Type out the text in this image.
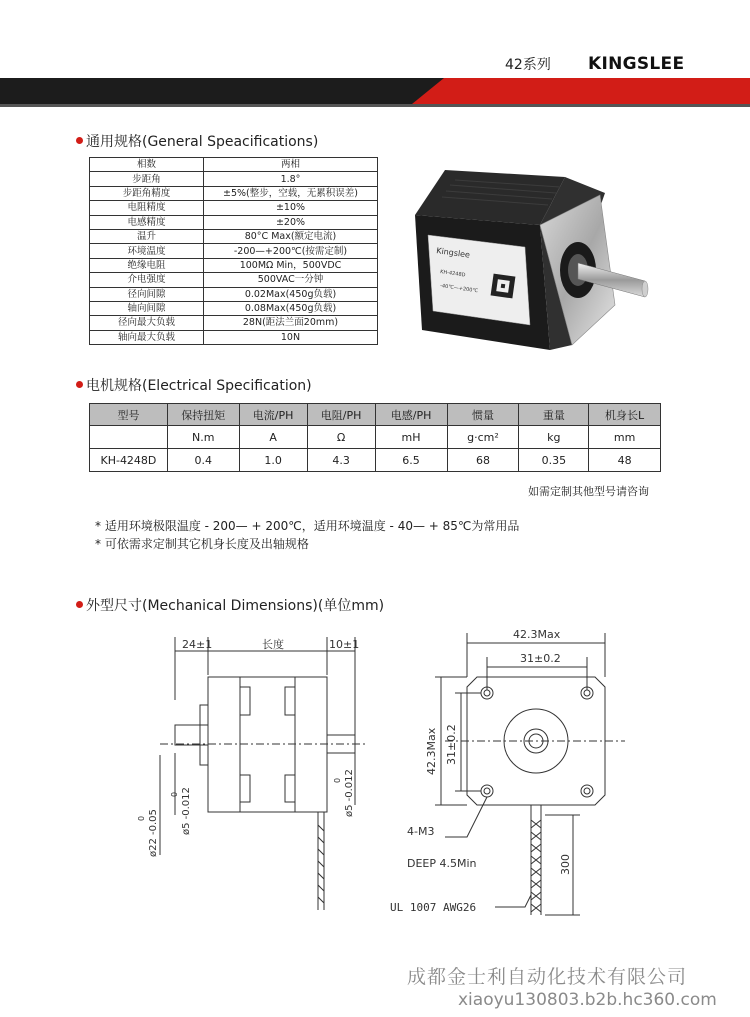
42系列 KINGSLEE
通用规格(General Speacifications)
相数	两相
步距角	1.8°
步距角精度	±5%(整步，空载，无累积误差)
电阻精度	±10%
电感精度	±20%
温升	80°C Max(额定电流)
环境温度	-200—+200℃(按需定制)
绝缘电阻	100MΩ Min，500VDC
介电强度	500VAC一分钟
径向间隙	0.02Max(450g负载)
轴向间隙	0.08Max(450g负载)
径向最大负载	28N(距法兰面20mm)
轴向最大负载	10N
Kingslee
KH-4248D
-40℃—+200℃
电机规格(Electrical Specification)
型号	保持扭矩	电流/PH	电阻/PH	电感/PH	惯量	重量	机身长L
	N.m	A	Ω	mH	g·cm²	kg	mm
KH-4248D	0.4	1.0	4.3	6.5	68	0.35	48
如需定制其他型号请咨询
* 适用环境极限温度 - 200— + 200℃，适用环境温度 - 40— + 85℃为常用品
* 可依需求定制其它机身长度及出轴规格
外型尺寸(Mechanical Dimensions)(单位mm)
24±1	长度	10±1
ø22 -0.05
0	ø5 -0.012
0	ø5 -0.012
0
42.3Max
31±0.2
42.3Max 31±0.2
4-M3
DEEP 4.5Min	300
UL 1007 AWG26
成都金士利自动化技术有限公司
xiaoyu130803.b2b.hc360.com
